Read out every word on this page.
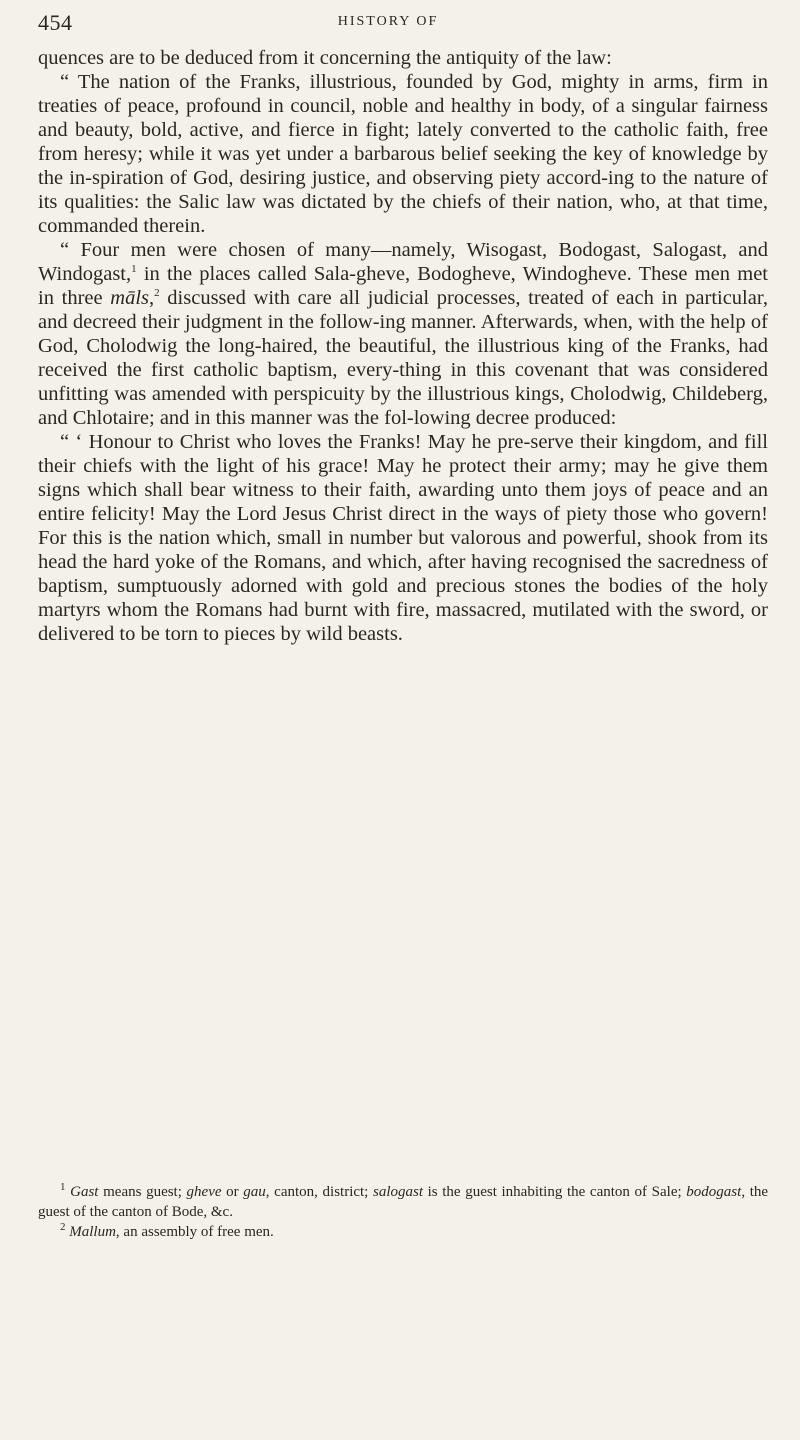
454	HISTORY OF

quences are to be deduced from it concerning the antiquity of the law:

“ The nation of the Franks, illustrious, founded by God, mighty in arms, firm in treaties of peace, profound in council, noble and healthy in body, of a singular fairness and beauty, bold, active, and fierce in fight; lately converted to the catholic faith, free from heresy; while it was yet under a barbarous belief seeking the key of knowledge by the in-spiration of God, desiring justice, and observing piety accord-ing to the nature of its qualities: the Salic law was dictated by the chiefs of their nation, who, at that time, commanded therein.

“ Four men were chosen of many—namely, Wisogast, Bodogast, Salogast, and Windogast,$^1$ in the places called Sala-gheve, Bodogheve, Windogheve. These men met in three māls,$^2$ discussed with care all judicial processes, treated of each in particular, and decreed their judgment in the follow-ing manner. Afterwards, when, with the help of God, Cholodwig the long-haired, the beautiful, the illustrious king of the Franks, had received the first catholic baptism, every-thing in this covenant that was considered unfitting was amended with perspicuity by the illustrious kings, Cholodwig, Childeberg, and Chlotaire; and in this manner was the fol-lowing decree produced:

“ ‘ Honour to Christ who loves the Franks! May he pre-serve their kingdom, and fill their chiefs with the light of his grace! May he protect their army; may he give them signs which shall bear witness to their faith, awarding unto them joys of peace and an entire felicity! May the Lord Jesus Christ direct in the ways of piety those who govern! For this is the nation which, small in number but valorous and powerful, shook from its head the hard yoke of the Romans, and which, after having recognised the sacredness of baptism, sumptuously adorned with gold and precious stones the bodies of the holy martyrs whom the Romans had burnt with fire, massacred, mutilated with the sword, or delivered to be torn to pieces by wild beasts.

$^1$ Gast means guest; gheve or gau, canton, district; salogast is the guest inhabiting the canton of Sale; bodogast, the guest of the canton of Bode, &c.

$^2$ Mallum, an assembly of free men.
